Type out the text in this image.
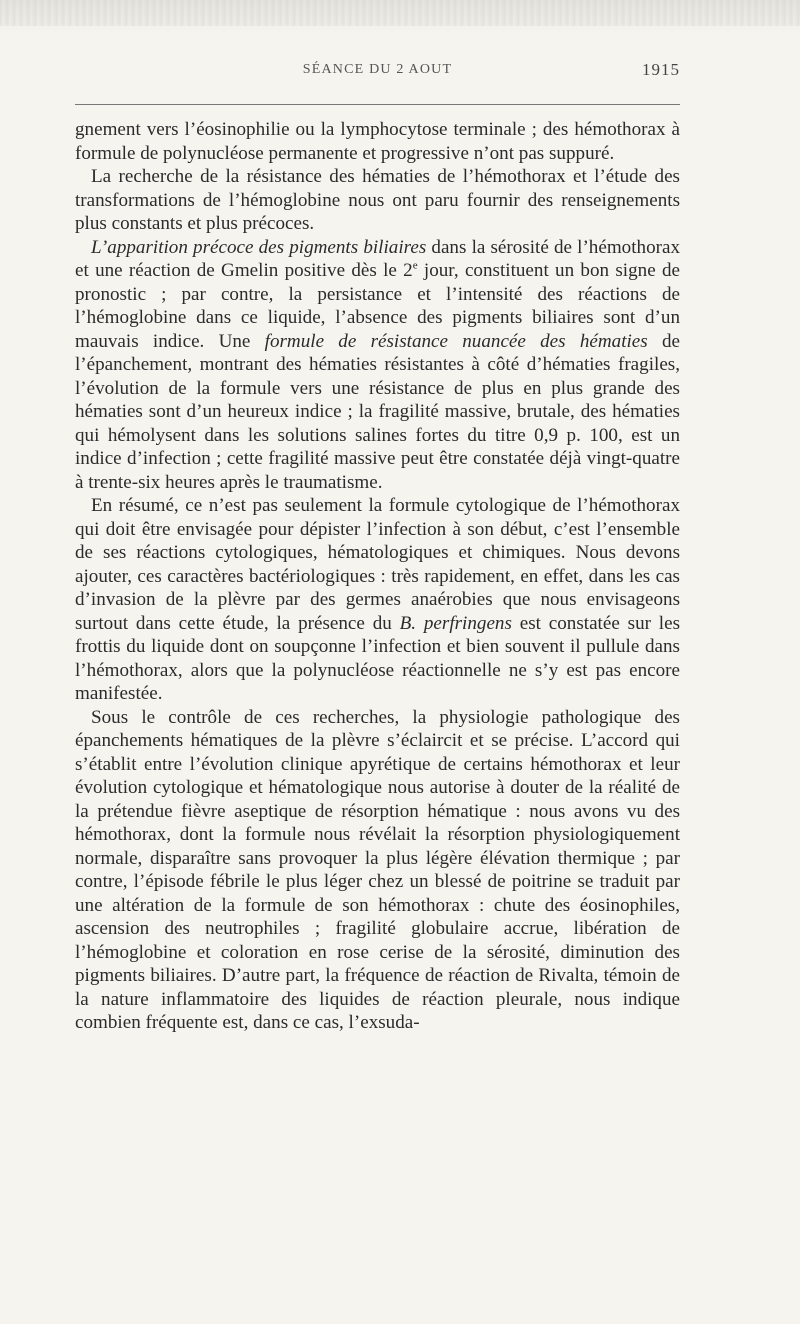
SÉANCE DU 2 AOUT	1915

gnement vers l’éosinophilie ou la lymphocytose terminale ; des hémothorax à formule de polynucléose permanente et progressive n’ont pas suppuré.

La recherche de la résistance des hématies de l’hémothorax et l’étude des transformations de l’hémoglobine nous ont paru fournir des renseignements plus constants et plus précoces.

L’apparition précoce des pigments biliaires dans la sérosité de l’hémothorax et une réaction de Gmelin positive dès le 2e jour, constituent un bon signe de pronostic ; par contre, la persistance et l’intensité des réactions de l’hémoglobine dans ce liquide, l’absence des pigments biliaires sont d’un mauvais indice. Une formule de résistance nuancée des hématies de l’épanchement, montrant des hématies résistantes à côté d’hématies fragiles, l’évolution de la formule vers une résistance de plus en plus grande des hématies sont d’un heureux indice ; la fragilité massive, brutale, des hématies qui hémolysent dans les solutions salines fortes du titre 0,9 p. 100, est un indice d’infection ; cette fragilité massive peut être constatée déjà vingt-quatre à trente-six heures après le traumatisme.

En résumé, ce n’est pas seulement la formule cytologique de l’hémothorax qui doit être envisagée pour dépister l’infection à son début, c’est l’ensemble de ses réactions cytologiques, hématologiques et chimiques. Nous devons ajouter, ces caractères bactériologiques : très rapidement, en effet, dans les cas d’invasion de la plèvre par des germes anaérobies que nous envisageons surtout dans cette étude, la présence du B. perfringens est constatée sur les frottis du liquide dont on soupçonne l’infection et bien souvent il pullule dans l’hémothorax, alors que la polynucléose réactionnelle ne s’y est pas encore manifestée.

Sous le contrôle de ces recherches, la physiologie pathologique des épanchements hématiques de la plèvre s’éclaircit et se précise. L’accord qui s’établit entre l’évolution clinique apyrétique de certains hémothorax et leur évolution cytologique et hématologique nous autorise à douter de la réalité de la prétendue fièvre aseptique de résorption hématique : nous avons vu des hémothorax, dont la formule nous révélait la résorption physiologiquement normale, disparaître sans provoquer la plus légère élévation thermique ; par contre, l’épisode fébrile le plus léger chez un blessé de poitrine se traduit par une altération de la formule de son hémothorax : chute des éosinophiles, ascension des neutrophiles ; fragilité globulaire accrue, libération de l’hémoglobine et coloration en rose cerise de la sérosité, diminution des pigments biliaires. D’autre part, la fréquence de réaction de Rivalta, témoin de la nature inflammatoire des liquides de réaction pleurale, nous indique combien fréquente est, dans ce cas, l’exsuda-
